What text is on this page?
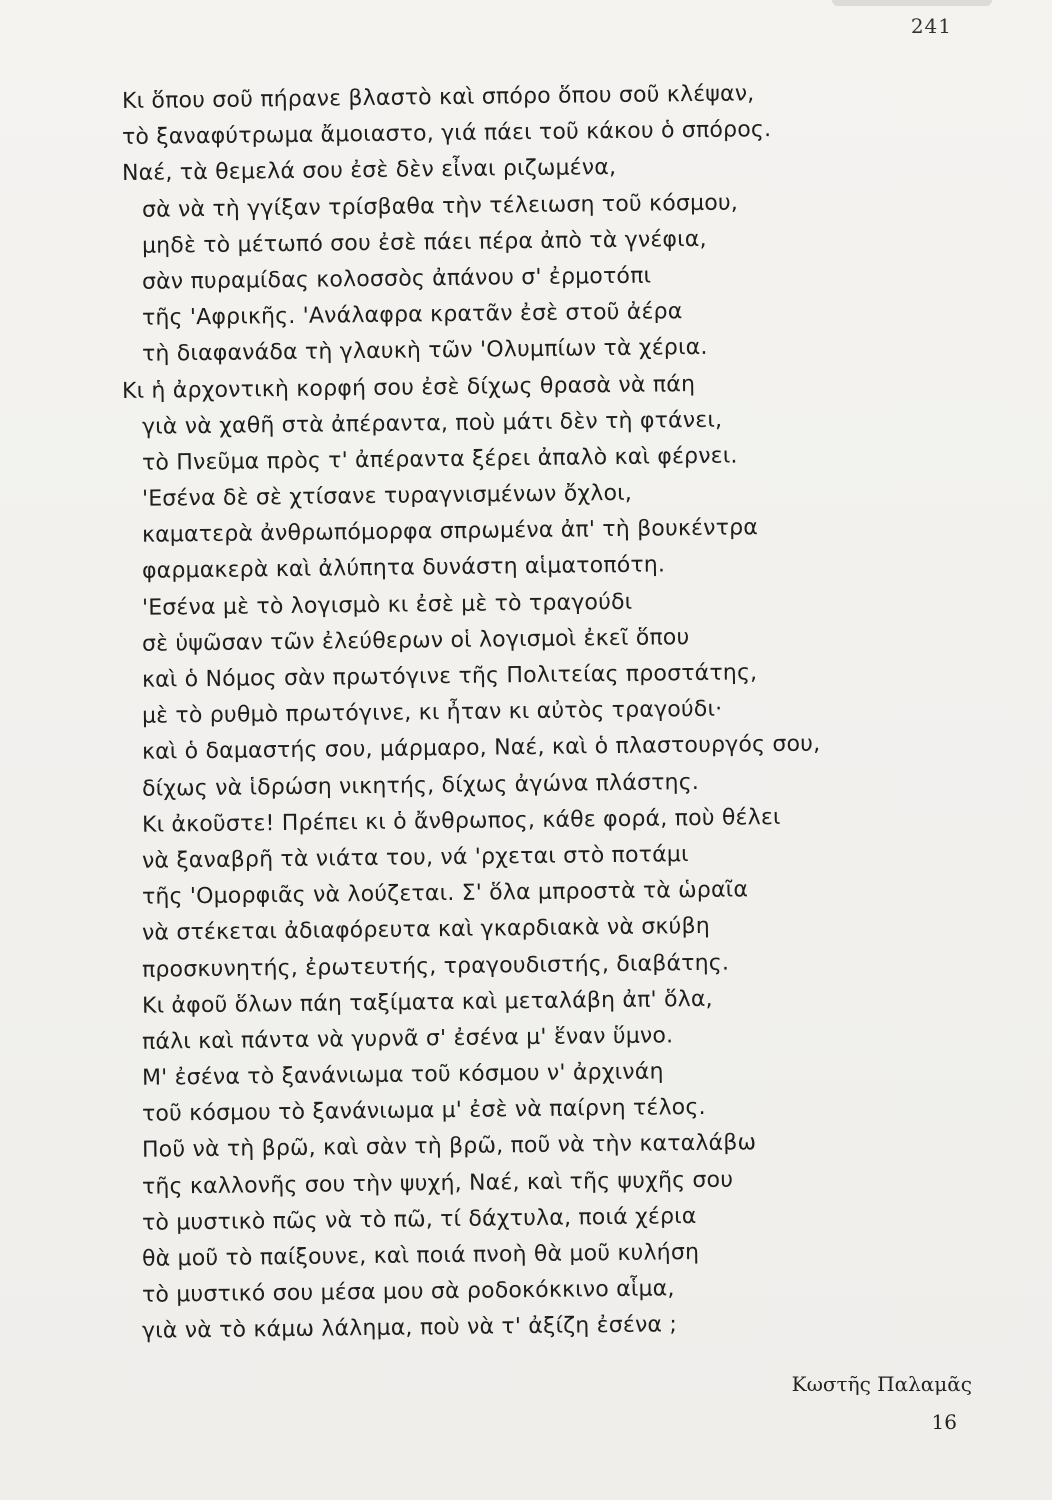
241
Κι ὅπου σοῦ πήρανε βλαστὸ καὶ σπόρο ὅπου σοῦ κλέψαν,
τὸ ξαναφύτρωμα ἄμοιαστο, γιά πάει τοῦ κάκου ὁ σπόρος.
Ναέ, τὰ θεμελά σου ἐσὲ δὲν εἶναι ριζωμένα,
σὰ νὰ τὴ γγίξαν τρίσβαθα τὴν τέλειωση τοῦ κόσμου,
μηδὲ τὸ μέτωπό σου ἐσὲ πάει πέρα ἀπὸ τὰ γνέφια,
σὰν πυραμίδας κολοσσὸς ἀπάνου σ' ἐρμοτόπι
τῆς 'Αφρικῆς. 'Ανάλαφρα κρατᾶν ἐσὲ στοῦ ἀέρα
τὴ διαφανάδα τὴ γλαυκὴ τῶν 'Ολυμπίων τὰ χέρια.
Κι ἡ ἀρχοντικὴ κορφή σου ἐσὲ δίχως θρασὰ νὰ πάη
γιὰ νὰ χαθῆ στὰ ἀπέραντα, ποὺ μάτι δὲν τὴ φτάνει,
τὸ Πνεῦμα πρὸς τ' ἀπέραντα ξέρει ἀπαλὸ καὶ φέρνει.
'Εσένα δὲ σὲ χτίσανε τυραγνισμένων ὄχλοι,
καματερὰ ἀνθρωπόμορφα σπρωμένα ἀπ' τὴ βουκέντρα
φαρμακερὰ καὶ ἀλύπητα δυνάστη αἱματοπότη.
'Εσένα μὲ τὸ λογισμὸ κι ἐσὲ μὲ τὸ τραγούδι
σὲ ὑψῶσαν τῶν ἐλεύθερων οἱ λογισμοὶ ἐκεῖ ὅπου
καὶ ὁ Νόμος σὰν πρωτόγινε τῆς Πολιτείας προστάτης,
μὲ τὸ ρυθμὸ πρωτόγινε, κι ἦταν κι αὐτὸς τραγούδι·
καὶ ὁ δαμαστής σου, μάρμαρο, Ναέ, καὶ ὁ πλαστουργός σου,
δίχως νὰ ἱδρώση νικητής, δίχως ἀγώνα πλάστης.
Κι ἀκοῦστε! Πρέπει κι ὁ ἄνθρωπος, κάθε φορά, ποὺ θέλει
νὰ ξαναβρῆ τὰ νιάτα του, νά 'ρχεται στὸ ποτάμι
τῆς 'Ομορφιᾶς νὰ λούζεται. Σ' ὅλα μπροστὰ τὰ ὡραῖα
νὰ στέκεται ἀδιαφόρευτα καὶ γκαρδιακὰ νὰ σκύβη
προσκυνητής, ἐρωτευτής, τραγουδιστής, διαβάτης.
Κι ἀφοῦ ὅλων πάη ταξίματα καὶ μεταλάβη ἀπ' ὅλα,
πάλι καὶ πάντα νὰ γυρνᾶ σ' ἐσένα μ' ἕναν ὕμνο.
Μ' ἐσένα τὸ ξανάνιωμα τοῦ κόσμου ν' ἀρχινάη
τοῦ κόσμου τὸ ξανάνιωμα μ' ἐσὲ νὰ παίρνη τέλος.
Ποῦ νὰ τὴ βρῶ, καὶ σὰν τὴ βρῶ, ποῦ νὰ τὴν καταλάβω
τῆς καλλονῆς σου τὴν ψυχή, Ναέ, καὶ τῆς ψυχῆς σου
τὸ μυστικὸ πῶς νὰ τὸ πῶ, τί δάχτυλα, ποιά χέρια
θὰ μοῦ τὸ παίξουνε, καὶ ποιά πνοὴ θὰ μοῦ κυλήση
τὸ μυστικό σου μέσα μου σὰ ροδοκόκκινο αἷμα,
γιὰ νὰ τὸ κάμω λάλημα, ποὺ νὰ τ' ἀξίζη ἐσένα ;
Κωστῆς Παλαμᾶς
16
